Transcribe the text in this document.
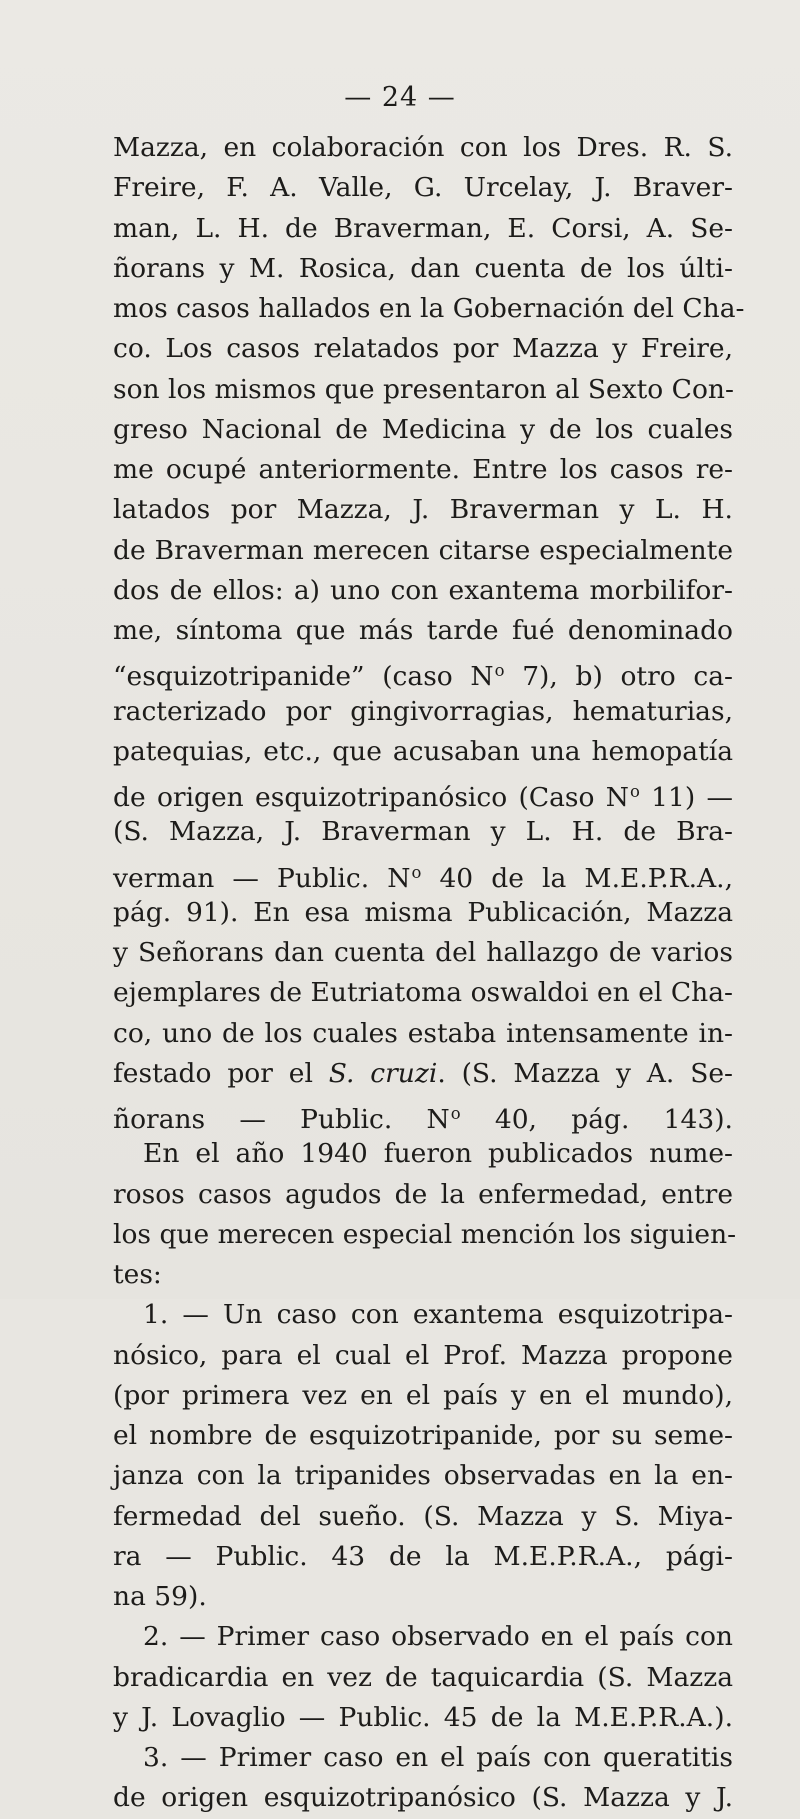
— 24 —
Mazza, en colaboración con los Dres. R. S.
Freire, F. A. Valle, G. Urcelay, J. Braver-
man, L. H. de Braverman, E. Corsi, A. Se-
ñorans y M. Rosica, dan cuenta de los últi-
mos casos hallados en la Gobernación del Cha-
co. Los casos relatados por Mazza y Freire,
son los mismos que presentaron al Sexto Con-
greso Nacional de Medicina y de los cuales
me ocupé anteriormente. Entre los casos re-
latados por Mazza, J. Braverman y L. H.
de Braverman merecen citarse especialmente
dos de ellos: a) uno con exantema morbilifor-
me, síntoma que más tarde fué denominado
“esquizotripanide” (caso $N^o$ 7), b) otro ca-
racterizado por gingivorragias, hematurias,
patequias, etc., que acusaban una hemopatía
de origen esquizotripanósico (Caso $N^o$ 11) —
(S. Mazza, J. Braverman y L. H. de Bra-
verman — Public. $N^o$ 40 de la M.E.P.R.A.,
pág. 91). En esa misma Publicación, Mazza
y Señorans dan cuenta del hallazgo de varios
ejemplares de Eutriatoma oswaldoi en el Cha-
co, uno de los cuales estaba intensamente in-
festado por el S. cruzi. (S. Mazza y A. Se-
ñorans — Public. $N^o$ 40, pág. 143).
En el año 1940 fueron publicados nume-
rosos casos agudos de la enfermedad, entre
los que merecen especial mención los siguien-
tes:
1. — Un caso con exantema esquizotripa-
nósico, para el cual el Prof. Mazza propone
(por primera vez en el país y en el mundo),
el nombre de esquizotripanide, por su seme-
janza con la tripanides observadas en la en-
fermedad del sueño. (S. Mazza y S. Miya-
ra — Public. 43 de la M.E.P.R.A., pági-
na 59).
2. — Primer caso observado en el país con
bradicardia en vez de taquicardia (S. Mazza
y J. Lovaglio — Public. 45 de la M.E.P.R.A.).
3. — Primer caso en el país con queratitis
de origen esquizotripanósico (S. Mazza y J.
